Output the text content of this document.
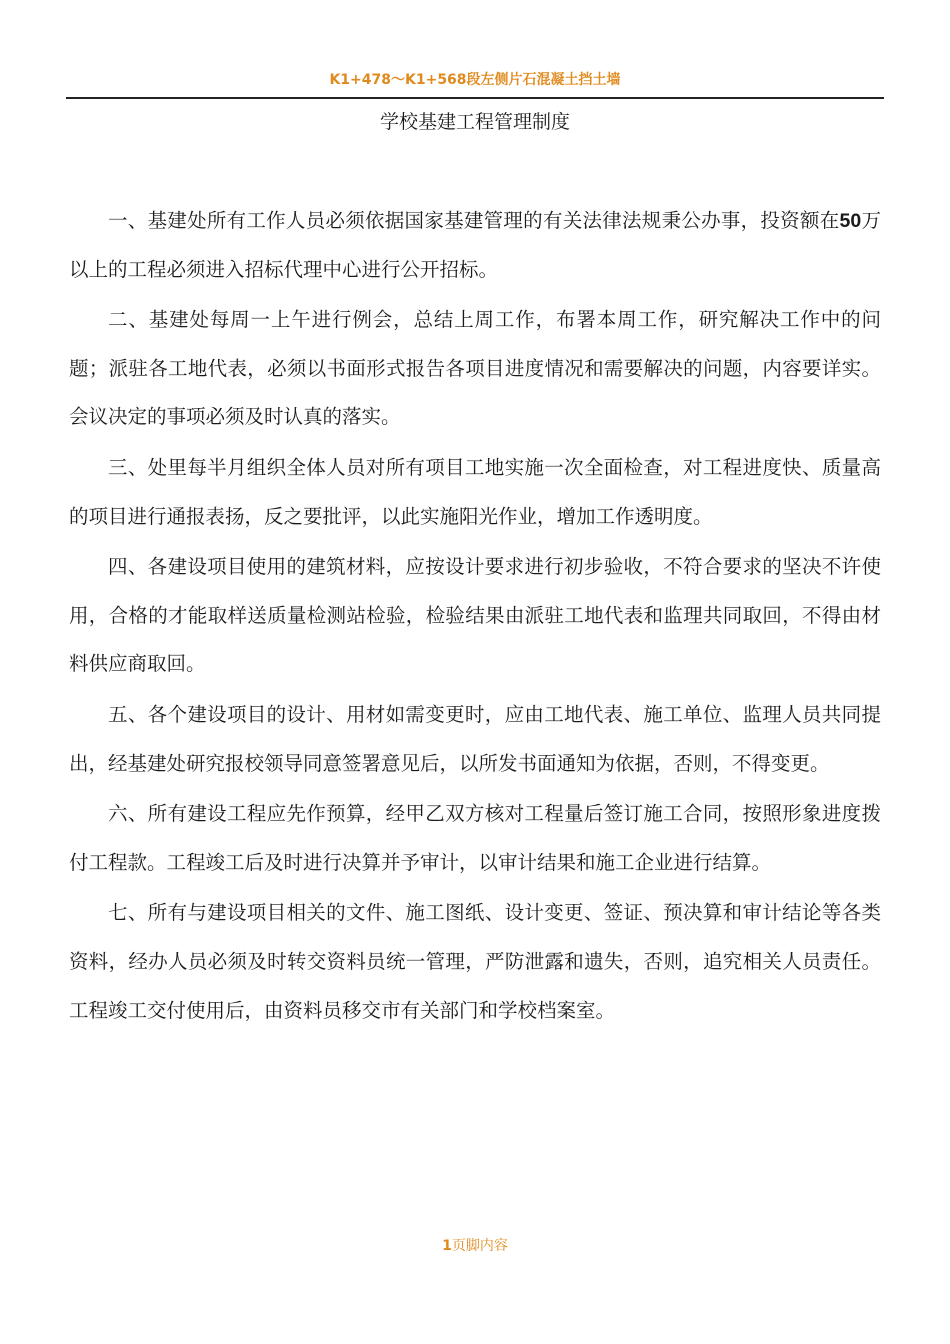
K1+478～K1+568段左侧片石混凝土挡土墙
学校基建工程管理制度

一、基建处所有工作人员必须依据国家基建管理的有关法律法规秉公办事，投资额在50万以上的工程必须进入招标代理中心进行公开招标。

二、基建处每周一上午进行例会，总结上周工作，布署本周工作，研究解决工作中的问题；派驻各工地代表，必须以书面形式报告各项目进度情况和需要解决的问题，内容要详实。会议决定的事项必须及时认真的落实。

三、处里每半月组织全体人员对所有项目工地实施一次全面检查，对工程进度快、质量高的项目进行通报表扬，反之要批评，以此实施阳光作业，增加工作透明度。

四、各建设项目使用的建筑材料，应按设计要求进行初步验收，不符合要求的坚决不许使用，合格的才能取样送质量检测站检验，检验结果由派驻工地代表和监理共同取回，不得由材料供应商取回。

五、各个建设项目的设计、用材如需变更时，应由工地代表、施工单位、监理人员共同提出，经基建处研究报校领导同意签署意见后，以所发书面通知为依据，否则，不得变更。

六、所有建设工程应先作预算，经甲乙双方核对工程量后签订施工合同，按照形象进度拨付工程款。工程竣工后及时进行决算并予审计，以审计结果和施工企业进行结算。

七、所有与建设项目相关的文件、施工图纸、设计变更、签证、预决算和审计结论等各类资料，经办人员必须及时转交资料员统一管理，严防泄露和遗失，否则，追究相关人员责任。工程竣工交付使用后，由资料员移交市有关部门和学校档案室。

1页脚内容
